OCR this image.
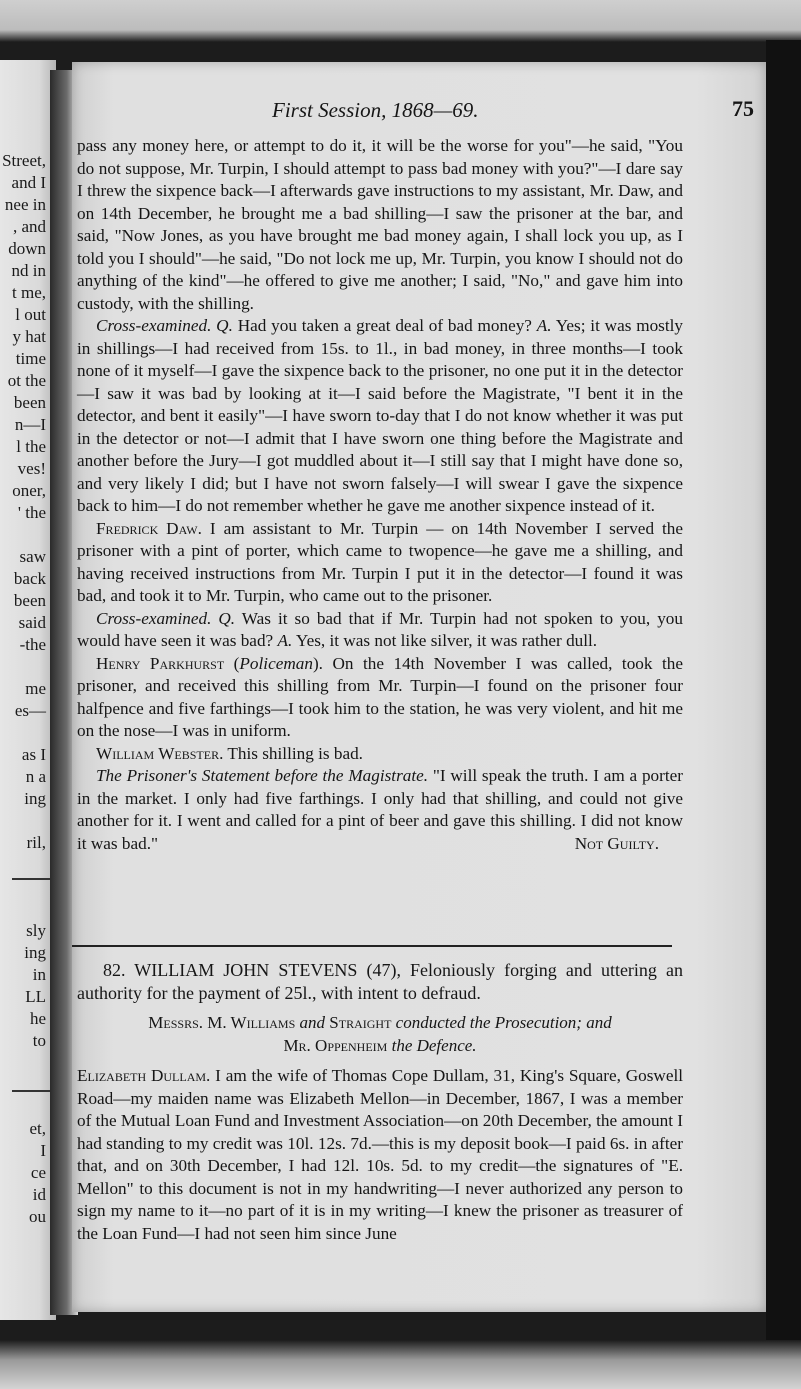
Street,
and I
nee in
, and
down
nd in
t me,
l out
y hat
time
ot the
been
n—I
l the
ves!
oner,
' the
saw
back
been
said
-the
me
es—
as I
n a
ing
ril,
sly
ing
in
LL
he
to
et,
I
ce
id
ou
First Session, 1868—69.	75

pass any money here, or attempt to do it, it will be the worse for you"—he said, "You do not suppose, Mr. Turpin, I should attempt to pass bad money with you?"—I dare say I threw the sixpence back—I afterwards gave instructions to my assistant, Mr. Daw, and on 14th December, he brought me a bad shilling—I saw the prisoner at the bar, and said, "Now Jones, as you have brought me bad money again, I shall lock you up, as I told you I should"—he said, "Do not lock me up, Mr. Turpin, you know I should not do anything of the kind"—he offered to give me another; I said, "No," and gave him into custody, with the shilling.

Cross-examined. Q. Had you taken a great deal of bad money? A. Yes; it was mostly in shillings—I had received from 15s. to 1l., in bad money, in three months—I took none of it myself—I gave the sixpence back to the prisoner, no one put it in the detector—I saw it was bad by looking at it—I said before the Magistrate, "I bent it in the detector, and bent it easily"—I have sworn to-day that I do not know whether it was put in the detector or not—I admit that I have sworn one thing before the Magistrate and another before the Jury—I got muddled about it—I still say that I might have done so, and very likely I did; but I have not sworn falsely—I will swear I gave the sixpence back to him—I do not remember whether he gave me another sixpence instead of it.

Fredrick Daw. I am assistant to Mr. Turpin — on 14th November I served the prisoner with a pint of porter, which came to twopence—he gave me a shilling, and having received instructions from Mr. Turpin I put it in the detector—I found it was bad, and took it to Mr. Turpin, who came out to the prisoner.

Cross-examined. Q. Was it so bad that if Mr. Turpin had not spoken to you, you would have seen it was bad? A. Yes, it was not like silver, it was rather dull.

Henry Parkhurst (Policeman). On the 14th November I was called, took the prisoner, and received this shilling from Mr. Turpin—I found on the prisoner four halfpence and five farthings—I took him to the station, he was very violent, and hit me on the nose—I was in uniform.

William Webster. This shilling is bad.

The Prisoner's Statement before the Magistrate. "I will speak the truth. I am a porter in the market. I only had five farthings. I only had that shilling, and could not give another for it. I went and called for a pint of beer and gave this shilling. I did not know it was bad."	Not Guilty.

82. WILLIAM JOHN STEVENS (47), Feloniously forging and uttering an authority for the payment of 25l., with intent to defraud.

Messrs. M. Williams and Straight conducted the Prosecution; and

Mr. Oppenheim the Defence.

Elizabeth Dullam. I am the wife of Thomas Cope Dullam, 31, King's Square, Goswell Road—my maiden name was Elizabeth Mellon—in December, 1867, I was a member of the Mutual Loan Fund and Investment Association—on 20th December, the amount I had standing to my credit was 10l. 12s. 7d.—this is my deposit book—I paid 6s. in after that, and on 30th December, I had 12l. 10s. 5d. to my credit—the signatures of "E. Mellon" to this document is not in my handwriting—I never authorized any person to sign my name to it—no part of it is in my writing—I knew the prisoner as treasurer of the Loan Fund—I had not seen him since June
